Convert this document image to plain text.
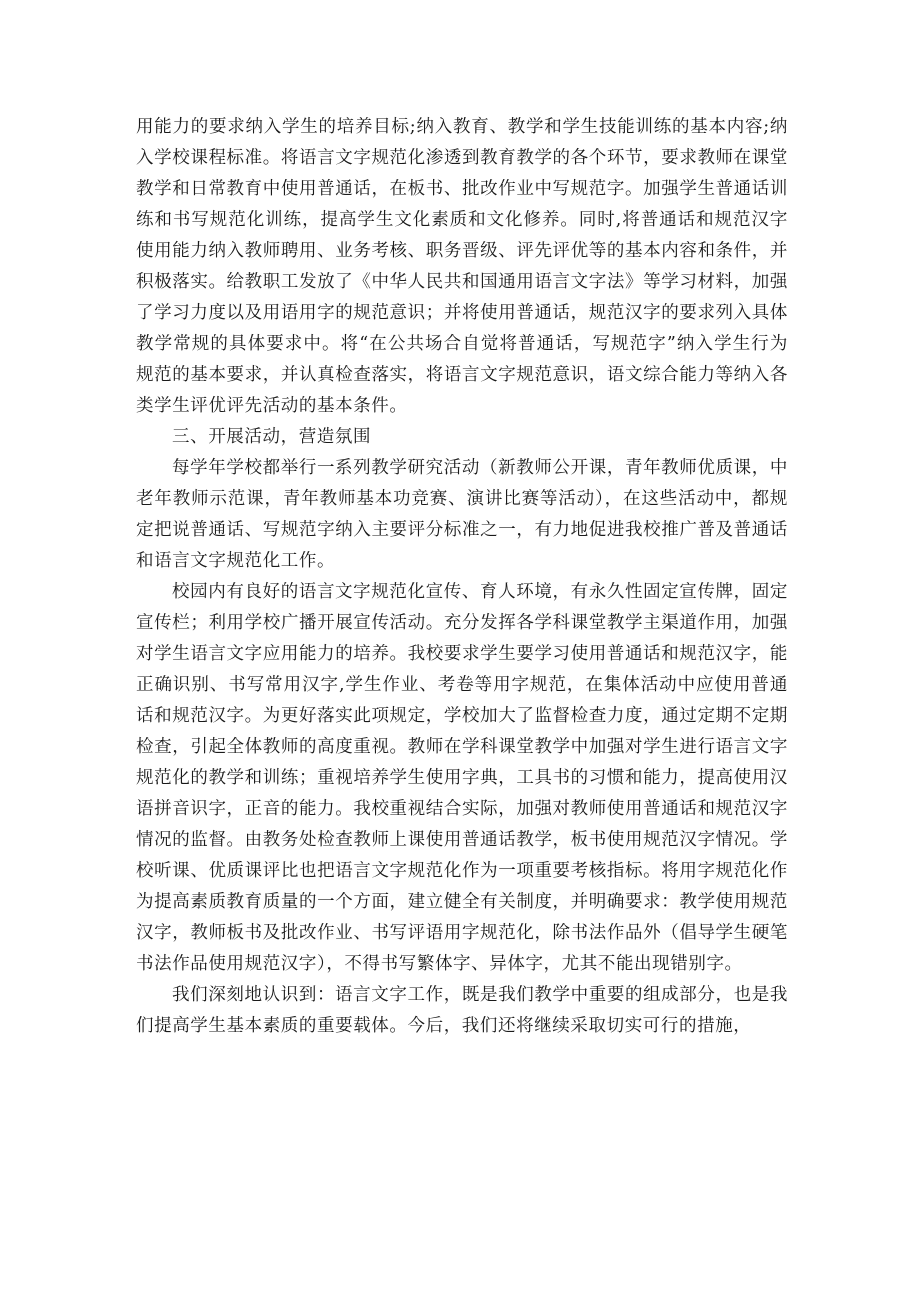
用能力的要求纳入学生的培养目标;纳入教育、教学和学生技能训练的基本内容;纳入学校课程标准。将语言文字规范化渗透到教育教学的各个环节，要求教师在课堂教学和日常教育中使用普通话，在板书、批改作业中写规范字。加强学生普通话训练和书写规范化训练，提高学生文化素质和文化修养。同时,将普通话和规范汉字使用能力纳入教师聘用、业务考核、职务晋级、评先评优等的基本内容和条件，并积极落实。给教职工发放了《中华人民共和国通用语言文字法》等学习材料，加强了学习力度以及用语用字的规范意识；并将使用普通话，规范汉字的要求列入具体教学常规的具体要求中。将“在公共场合自觉将普通话，写规范字”纳入学生行为规范的基本要求，并认真检查落实，将语言文字规范意识，语文综合能力等纳入各类学生评优评先活动的基本条件。

三、开展活动，营造氛围

每学年学校都举行一系列教学研究活动（新教师公开课，青年教师优质课，中老年教师示范课，青年教师基本功竞赛、演讲比赛等活动），在这些活动中，都规定把说普通话、写规范字纳入主要评分标准之一，有力地促进我校推广普及普通话和语言文字规范化工作。

校园内有良好的语言文字规范化宣传、育人环境，有永久性固定宣传牌，固定宣传栏；利用学校广播开展宣传活动。充分发挥各学科课堂教学主渠道作用，加强对学生语言文字应用能力的培养。我校要求学生要学习使用普通话和规范汉字，能正确识别、书写常用汉字,学生作业、考卷等用字规范，在集体活动中应使用普通话和规范汉字。为更好落实此项规定，学校加大了监督检查力度，通过定期不定期检查，引起全体教师的高度重视。教师在学科课堂教学中加强对学生进行语言文字规范化的教学和训练；重视培养学生使用字典，工具书的习惯和能力，提高使用汉语拼音识字，正音的能力。我校重视结合实际，加强对教师使用普通话和规范汉字情况的监督。由教务处检查教师上课使用普通话教学，板书使用规范汉字情况。学校听课、优质课评比也把语言文字规范化作为一项重要考核指标。将用字规范化作为提高素质教育质量的一个方面，建立健全有关制度，并明确要求：教学使用规范汉字，教师板书及批改作业、书写评语用字规范化，除书法作品外（倡导学生硬笔书法作品使用规范汉字），不得书写繁体字、异体字，尤其不能出现错别字。

我们深刻地认识到：语言文字工作，既是我们教学中重要的组成部分，也是我们提高学生基本素质的重要载体。今后，我们还将继续采取切实可行的措施，
